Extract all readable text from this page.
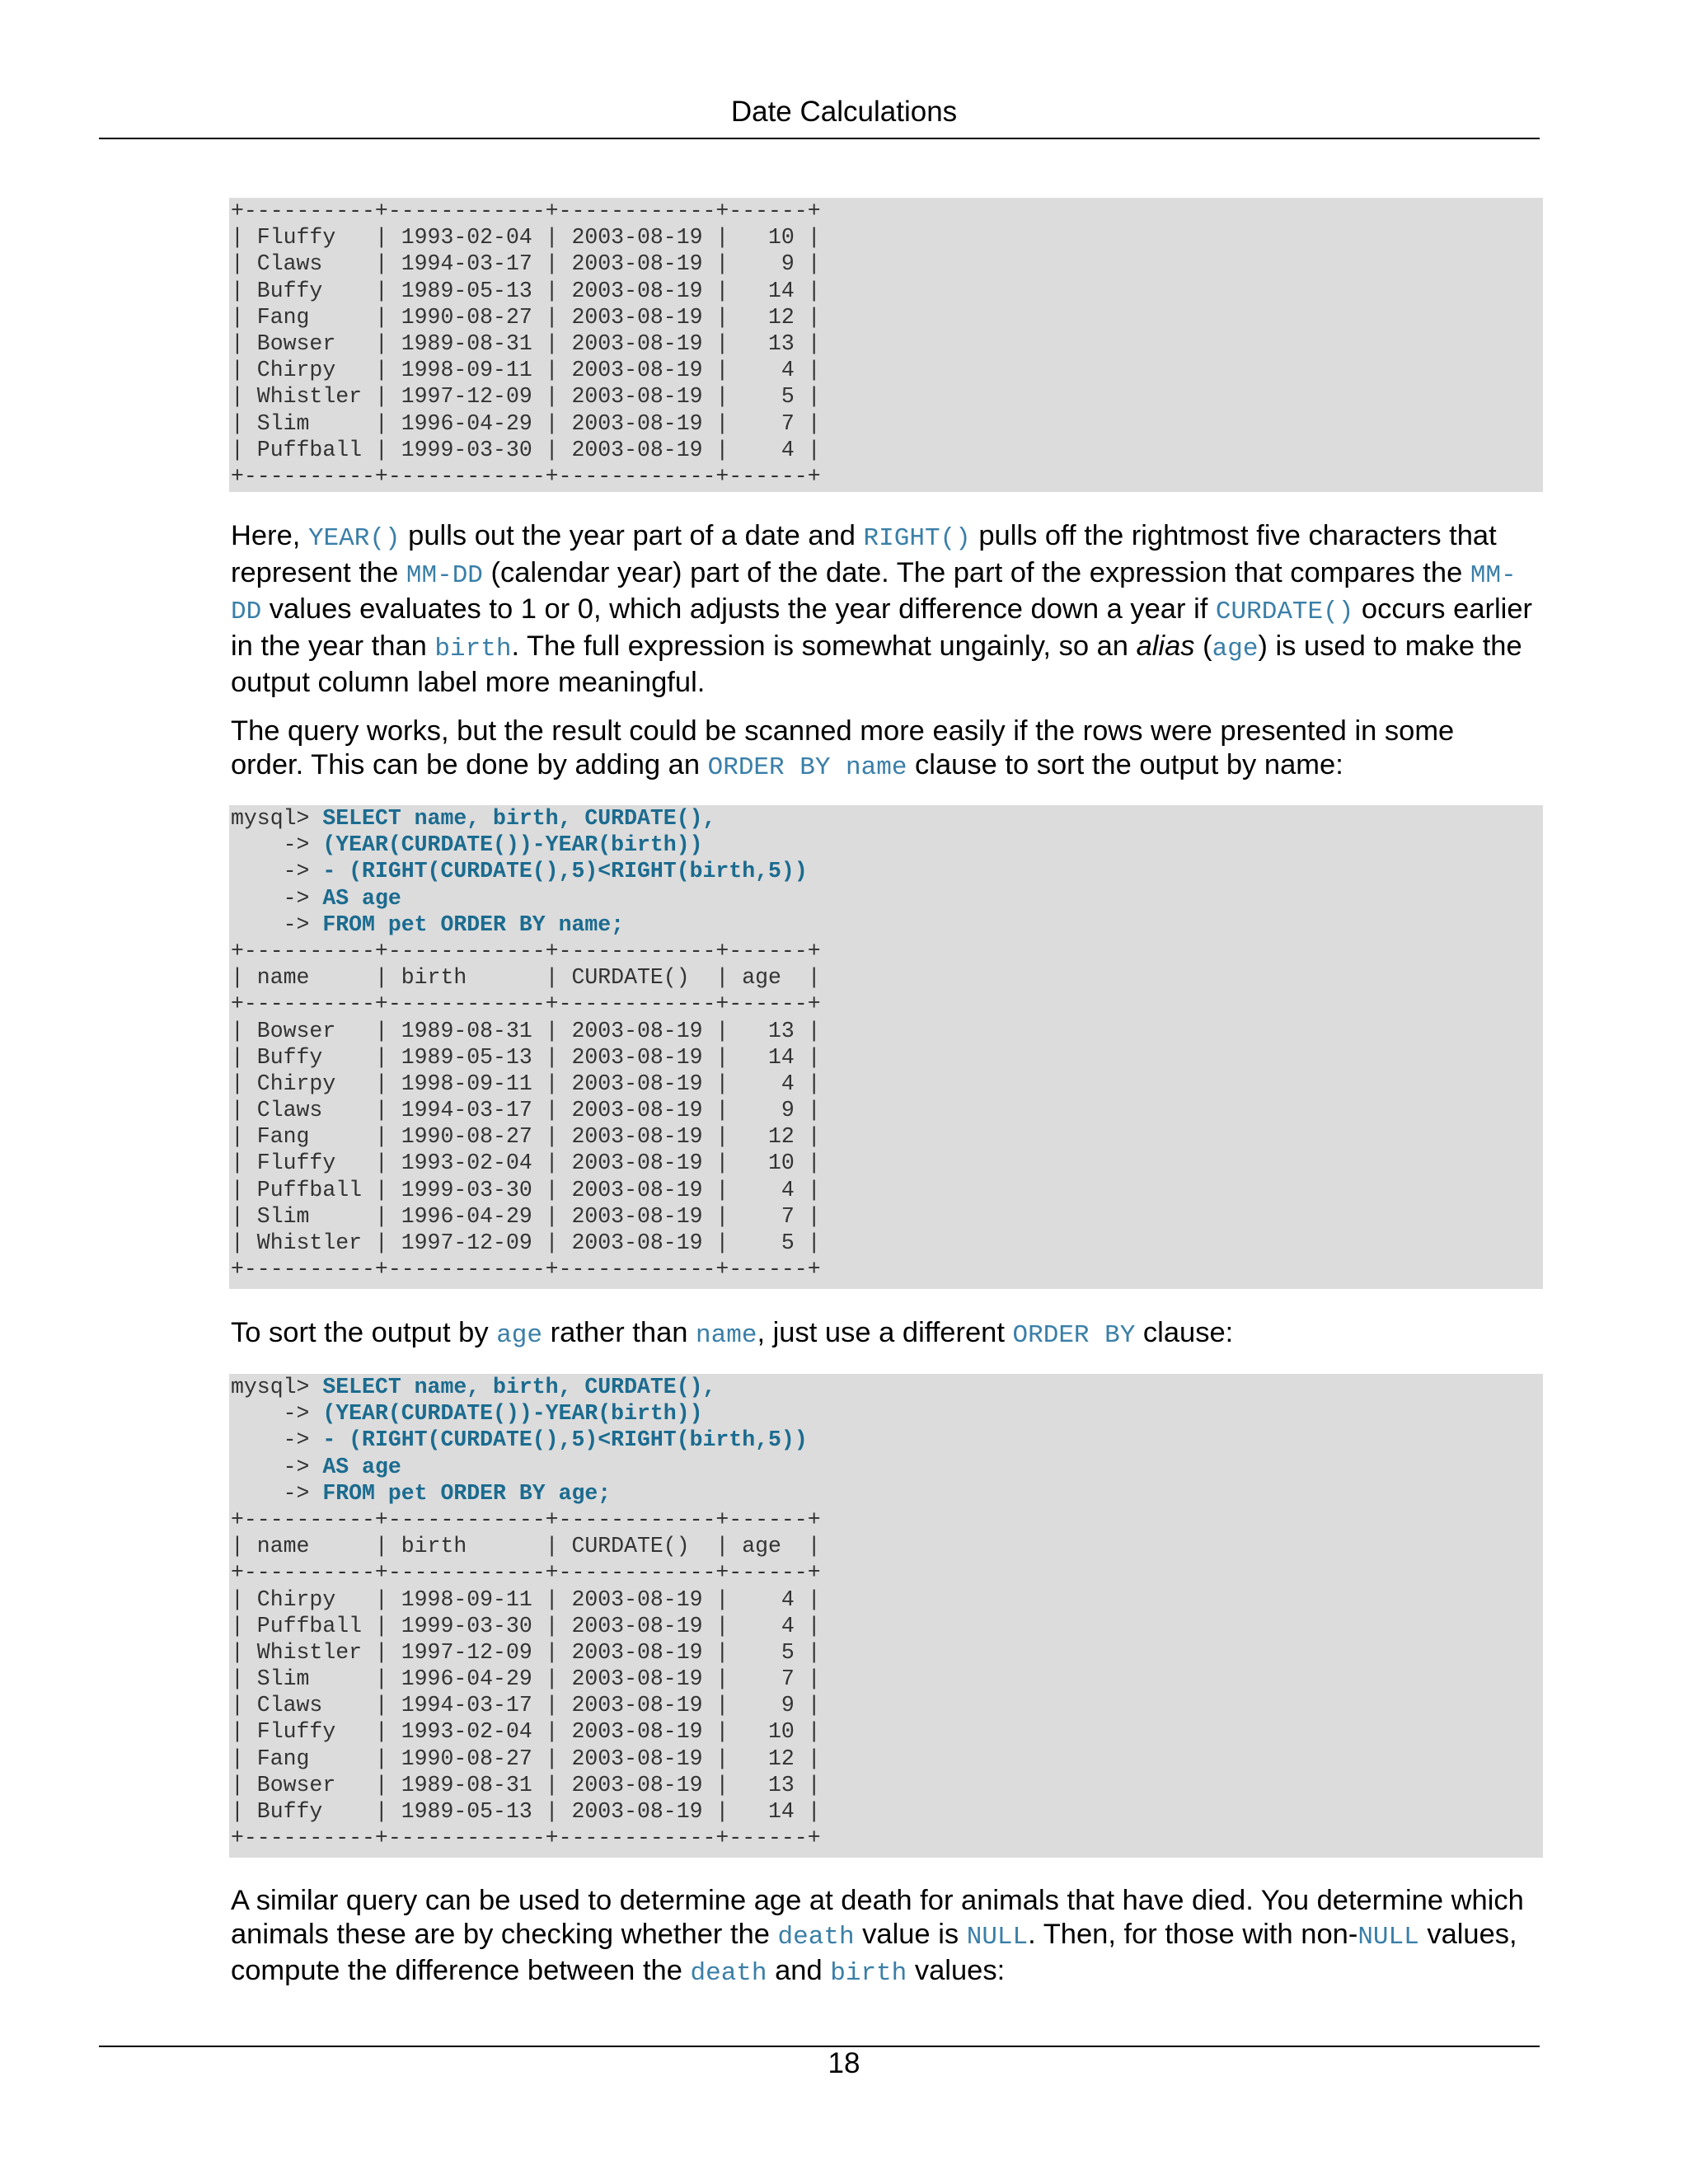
Date Calculations
+----------+------------+------------+------+
| Fluffy   | 1993-02-04 | 2003-08-19 |   10 |
| Claws    | 1994-03-17 | 2003-08-19 |    9 |
| Buffy    | 1989-05-13 | 2003-08-19 |   14 |
| Fang     | 1990-08-27 | 2003-08-19 |   12 |
| Bowser   | 1989-08-31 | 2003-08-19 |   13 |
| Chirpy   | 1998-09-11 | 2003-08-19 |    4 |
| Whistler | 1997-12-09 | 2003-08-19 |    5 |
| Slim     | 1996-04-29 | 2003-08-19 |    7 |
| Puffball | 1999-03-30 | 2003-08-19 |    4 |
+----------+------------+------------+------+

Here, YEAR() pulls out the year part of a date and RIGHT() pulls off the rightmost five characters that represent the MM-DD (calendar year) part of the date. The part of the expression that compares the MM-DD values evaluates to 1 or 0, which adjusts the year difference down a year if CURDATE() occurs earlier in the year than birth. The full expression is somewhat ungainly, so an alias (age) is used to make the output column label more meaningful.

The query works, but the result could be scanned more easily if the rows were presented in some order. This can be done by adding an ORDER BY name clause to sort the output by name:

mysql> SELECT name, birth, CURDATE(),
-> (YEAR(CURDATE())-YEAR(birth))
-> - (RIGHT(CURDATE(),5)<RIGHT(birth,5))
-> AS age
-> FROM pet ORDER BY name;
+----------+------------+------------+------+
| name     | birth      | CURDATE()  | age  |
+----------+------------+------------+------+
| Bowser   | 1989-08-31 | 2003-08-19 |   13 |
| Buffy    | 1989-05-13 | 2003-08-19 |   14 |
| Chirpy   | 1998-09-11 | 2003-08-19 |    4 |
| Claws    | 1994-03-17 | 2003-08-19 |    9 |
| Fang     | 1990-08-27 | 2003-08-19 |   12 |
| Fluffy   | 1993-02-04 | 2003-08-19 |   10 |
| Puffball | 1999-03-30 | 2003-08-19 |    4 |
| Slim     | 1996-04-29 | 2003-08-19 |    7 |
| Whistler | 1997-12-09 | 2003-08-19 |    5 |
+----------+------------+------------+------+

To sort the output by age rather than name, just use a different ORDER BY clause:

mysql> SELECT name, birth, CURDATE(),
-> (YEAR(CURDATE())-YEAR(birth))
-> - (RIGHT(CURDATE(),5)<RIGHT(birth,5))
-> AS age
-> FROM pet ORDER BY age;
+----------+------------+------------+------+
| name     | birth      | CURDATE()  | age  |
+----------+------------+------------+------+
| Chirpy   | 1998-09-11 | 2003-08-19 |    4 |
| Puffball | 1999-03-30 | 2003-08-19 |    4 |
| Whistler | 1997-12-09 | 2003-08-19 |    5 |
| Slim     | 1996-04-29 | 2003-08-19 |    7 |
| Claws    | 1994-03-17 | 2003-08-19 |    9 |
| Fluffy   | 1993-02-04 | 2003-08-19 |   10 |
| Fang     | 1990-08-27 | 2003-08-19 |   12 |
| Bowser   | 1989-08-31 | 2003-08-19 |   13 |
| Buffy    | 1989-05-13 | 2003-08-19 |   14 |
+----------+------------+------------+------+

A similar query can be used to determine age at death for animals that have died. You determine which animals these are by checking whether the death value is NULL. Then, for those with non-NULL values, compute the difference between the death and birth values:

18
